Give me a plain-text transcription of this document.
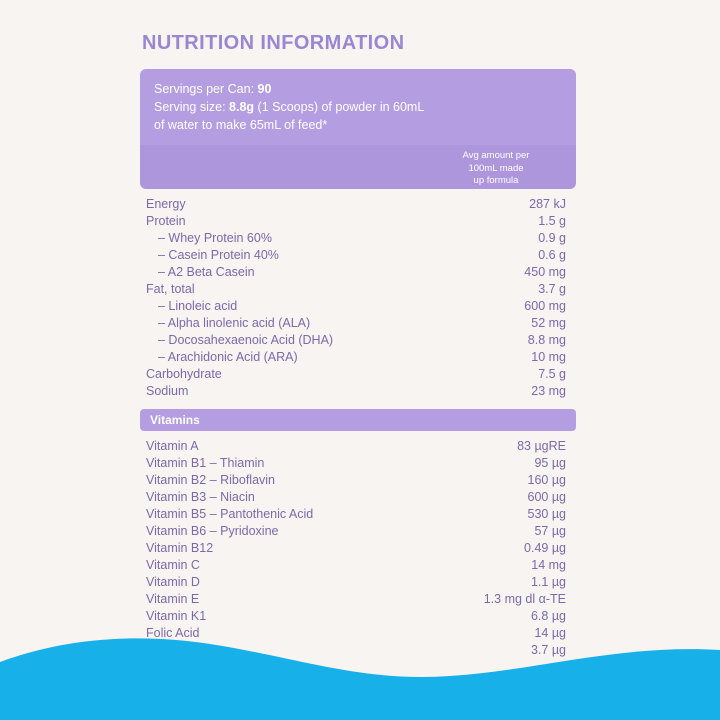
NUTRITION INFORMATION
Servings per Can: 90
Serving size: 8.8g (1 Scoops) of powder in 60mL
of water to make 65mL of feed*
Avg amount per
100mL made
up formula
Energy	287 kJ
Protein	1.5 g
– Whey Protein 60%	0.9 g
– Casein Protein 40%	0.6 g
– A2 Beta Casein	450 mg
Fat, total	3.7 g
– Linoleic acid	600 mg
– Alpha linolenic acid (ALA)	52 mg
– Docosahexaenoic Acid (DHA)	8.8 mg
– Arachidonic Acid (ARA)	10 mg
Carbohydrate	7.5 g
Sodium	23 mg
Vitamins
Vitamin A	83 µgRE
Vitamin B1 – Thiamin	95 µg
Vitamin B2 – Riboflavin	160 µg
Vitamin B3 – Niacin	600 µg
Vitamin B5 – Pantothenic Acid	530 µg
Vitamin B6 – Pyridoxine	57 µg
Vitamin B12	0.49 µg
Vitamin C	14 mg
Vitamin D	1.1 µg
Vitamin E	1.3 mg dl α-TE
Vitamin K1	6.8 µg
Folic Acid	14 µg
3.7 µg
